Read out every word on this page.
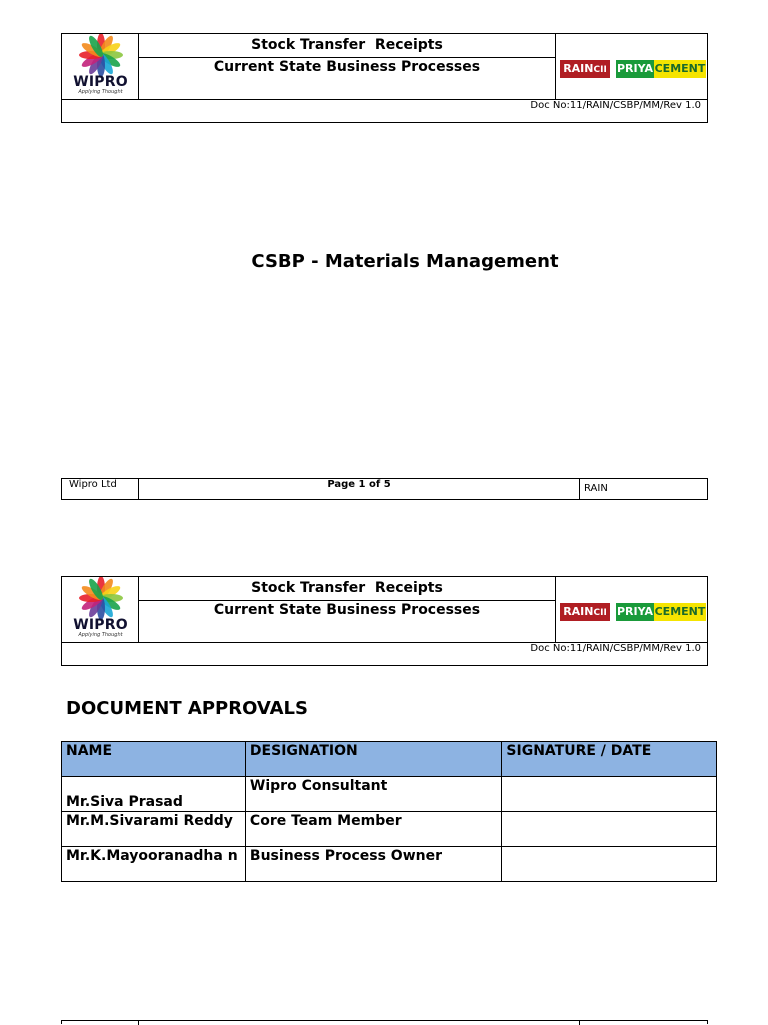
WIPRO
Applying Thought
Stock Transfer  Receipts
Current State Business Processes	RAINCII PRIYA CEMENT
Doc No:11/RAIN/CSBP/MM/Rev 1.0
CSBP - Materials Management
Wipro Ltd	Page 1 of 5	RAIN
WIPRO
Applying Thought
Stock Transfer  Receipts
Current State Business Processes	RAINCII PRIYA CEMENT
Doc No:11/RAIN/CSBP/MM/Rev 1.0
DOCUMENT APPROVALS
NAME	DESIGNATION	SIGNATURE / DATE
Mr.Siva Prasad	Wipro Consultant	
Mr.M.Sivarami Reddy	Core Team Member	
Mr.K.Mayooranadha n	Business Process Owner	
